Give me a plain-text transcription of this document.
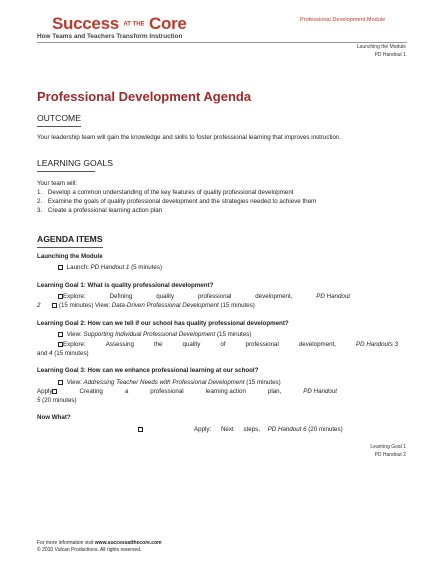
Success AT THE Core
How Teams and Teachers Transform Instruction
Professional Development Module
Launching the Module
PD Handout 1
Professional Development Agenda
OUTCOME
Your leadership team will gain the knowledge and skills to foster professional learning that improves instruction.
LEARNING GOALS
Your team will:
1. Develop a common understanding of the key features of quality professional development
2. Examine the goals of quality professional development and the strategies needed to achieve them
3. Create a professional learning action plan
AGENDA ITEMS
Launching the Module
Launch: PD Handout 1 (5 minutes)
Learning Goal 1: What is quality professional development?
Explore:	Defining	quality	professional	development,	PD Handout
2	(15 minutes) View: Data-Driven Professional Development (15 minutes)
Learning Goal 2: How can we tell if our school has quality professional development?
View: Supporting Individual Professional Development (15 minutes)
Explore:	Assessing	the	quality	of	professional	development,	PD Handouts 3
and 4 (15 minutes)
Learning Goal 3: How can we enhance professional learning at our school?
View: Addressing Teacher Needs with Professional Development (15 minutes)
Apply	Creating	a	professional	learning action	plan,	PD Handout
5 (20 minutes)
Now What?
Apply: Next steps, PD Handout 6 (20 minutes)
Learning Goal 1
PD Handout 2
For more information visit www.successatthecore.com
© 2010 Vulcan Productions. All rights reserved.
